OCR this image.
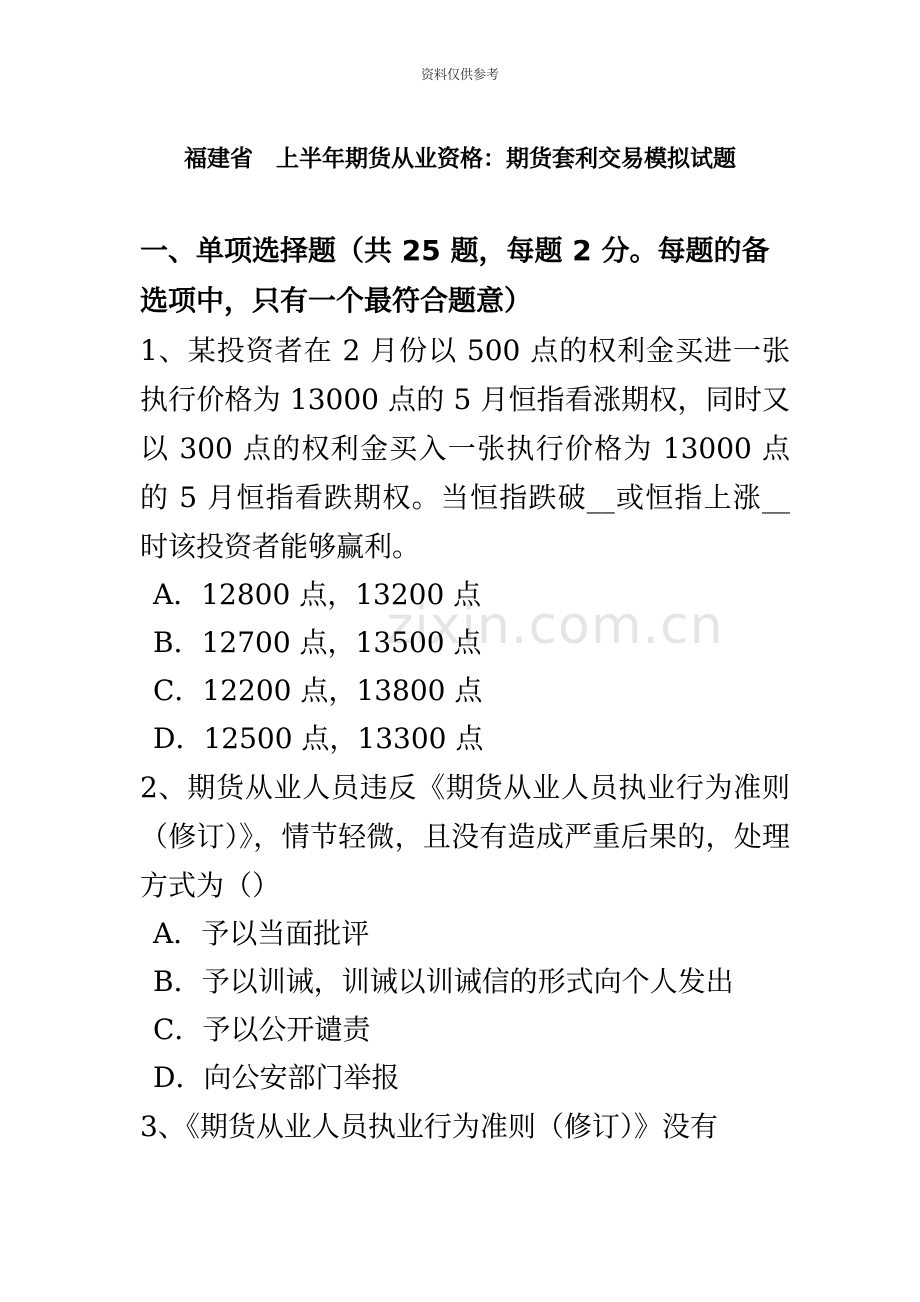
资料仅供参考
福建省　上半年期货从业资格：期货套利交易模拟试题
一、单项选择题（共 25 题，每题 2 分。每题的备选项中，只有一个最符合题意）
1、某投资者在 2 月份以 500 点的权利金买进一张执行价格为 13000 点的 5 月恒指看涨期权，同时又以 300 点的权利金买入一张执行价格为 13000 点的 5 月恒指看跌期权。当恒指跌破__或恒指上涨__时该投资者能够赢利。
A．12800 点，13200 点
B．12700 点，13500 点
C．12200 点，13800 点
D．12500 点，13300 点
2、期货从业人员违反《期货从业人员执业行为准则（修订）》，情节轻微，且没有造成严重后果的，处理方式为（）
A．予以当面批评
B．予以训诫，训诫以训诫信的形式向个人发出
C．予以公开谴责
D．向公安部门举报
3、《期货从业人员执业行为准则（修订）》没有
zixin.com.cn
